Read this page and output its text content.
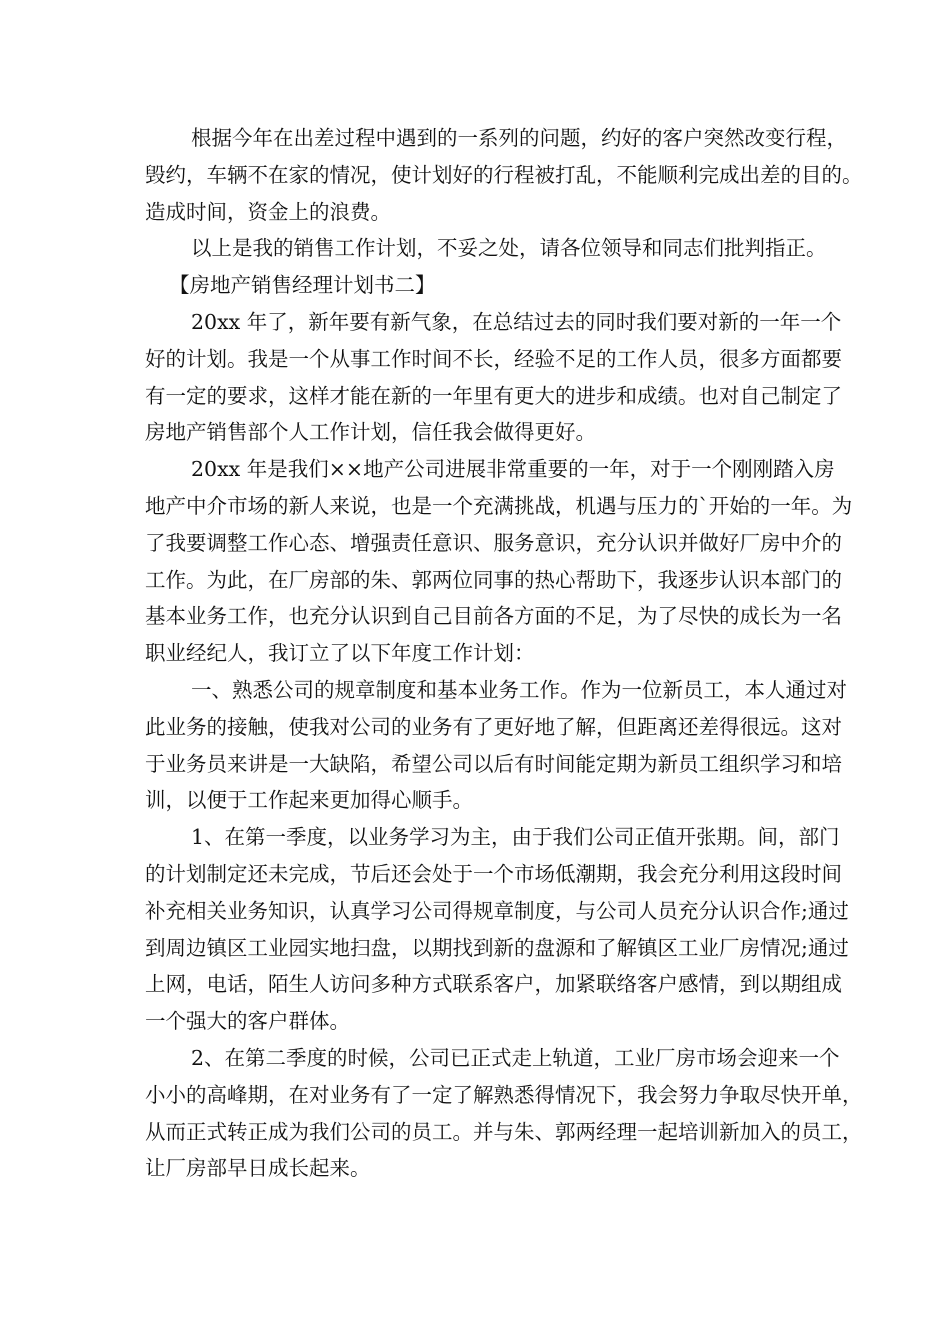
根据今年在出差过程中遇到的一系列的问题，约好的客户突然改变行程，
毁约，车辆不在家的情况，使计划好的行程被打乱，不能顺利完成出差的目的。
造成时间，资金上的浪费。

以上是我的销售工作计划，不妥之处，请各位领导和同志们批判指正。

【房地产销售经理计划书二】

20xx 年了，新年要有新气象，在总结过去的同时我们要对新的一年一个
好的计划。我是一个从事工作时间不长，经验不足的工作人员，很多方面都要
有一定的要求，这样才能在新的一年里有更大的进步和成绩。也对自己制定了
房地产销售部个人工作计划，信任我会做得更好。

20xx 年是我们××地产公司进展非常重要的一年，对于一个刚刚踏入房
地产中介市场的新人来说，也是一个充满挑战，机遇与压力的`开始的一年。为
了我要调整工作心态、增强责任意识、服务意识，充分认识并做好厂房中介的
工作。为此，在厂房部的朱、郭两位同事的热心帮助下，我逐步认识本部门的
基本业务工作，也充分认识到自己目前各方面的不足，为了尽快的成长为一名
职业经纪人，我订立了以下年度工作计划：

一、熟悉公司的规章制度和基本业务工作。作为一位新员工，本人通过对
此业务的接触，使我对公司的业务有了更好地了解，但距离还差得很远。这对
于业务员来讲是一大缺陷，希望公司以后有时间能定期为新员工组织学习和培
训，以便于工作起来更加得心顺手。

1、在第一季度，以业务学习为主，由于我们公司正值开张期。间，部门
的计划制定还未完成，节后还会处于一个市场低潮期，我会充分利用这段时间
补充相关业务知识，认真学习公司得规章制度，与公司人员充分认识合作;通过
到周边镇区工业园实地扫盘，以期找到新的盘源和了解镇区工业厂房情况;通过
上网，电话，陌生人访问多种方式联系客户，加紧联络客户感情，到以期组成
一个强大的客户群体。

2、在第二季度的时候，公司已正式走上轨道，工业厂房市场会迎来一个
小小的高峰期，在对业务有了一定了解熟悉得情况下，我会努力争取尽快开单，
从而正式转正成为我们公司的员工。并与朱、郭两经理一起培训新加入的员工，
让厂房部早日成长起来。
